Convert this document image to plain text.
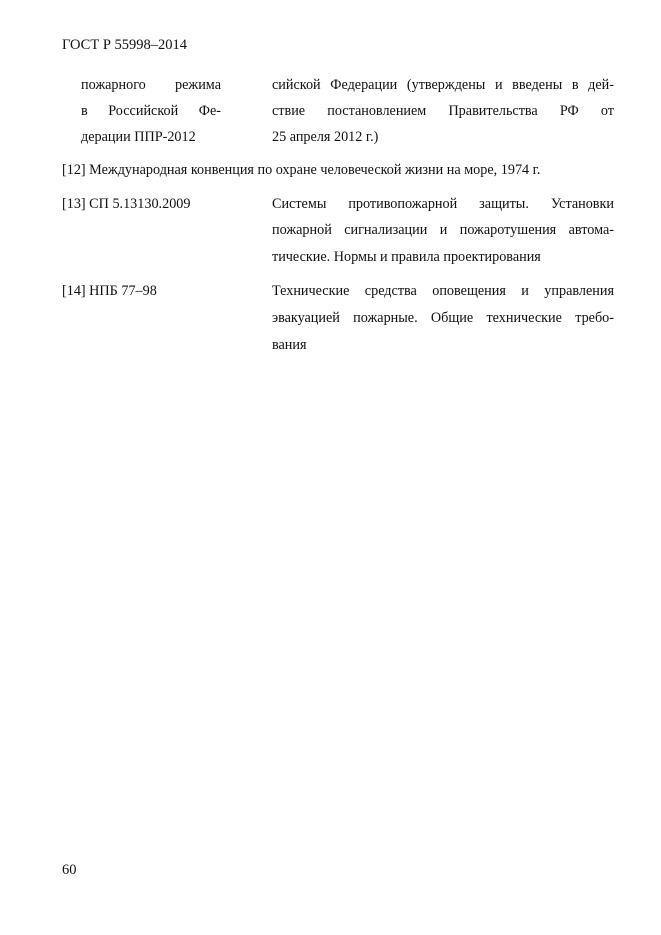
ГОСТ Р 55998–2014
пожарного режима
в Российской Фе-
дерации ППР-2012
сийской Федерации (утверждены и введены в дей-
ствие постановлением Правительства РФ от
25 апреля 2012 г.)
[12] Международная конвенция по охране человеческой жизни на море, 1974 г.
[13] СП 5.13130.2009	Системы противопожарной защиты. Установки
пожарной сигнализации и пожаротушения автома-
тические. Нормы и правила проектирования
[14] НПБ 77–98	Технические средства оповещения и управления
эвакуацией пожарные. Общие технические требо-
вания
60
